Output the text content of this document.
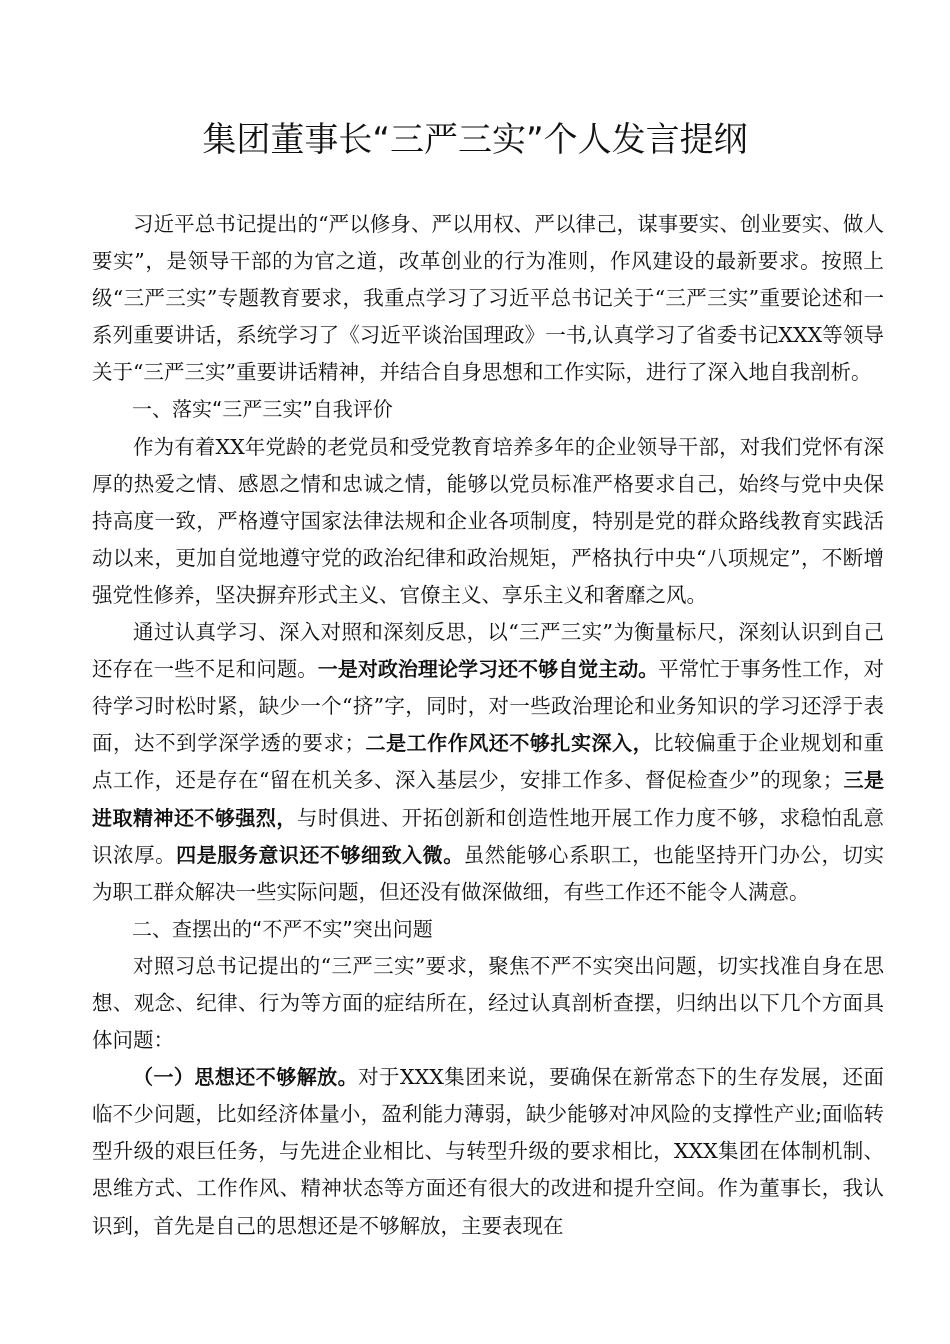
集团董事长“三严三实”个人发言提纲

习近平总书记提出的“严以修身、严以用权、严以律己，谋事要实、创业要实、做人要实”，是领导干部的为官之道，改革创业的行为准则，作风建设的最新要求。按照上级“三严三实”专题教育要求，我重点学习了习近平总书记关于“三严三实”重要论述和一系列重要讲话，系统学习了《习近平谈治国理政》一书,认真学习了省委书记XXX等领导关于“三严三实”重要讲话精神，并结合自身思想和工作实际，进行了深入地自我剖析。

一、落实“三严三实”自我评价

作为有着XX年党龄的老党员和受党教育培养多年的企业领导干部，对我们党怀有深厚的热爱之情、感恩之情和忠诚之情，能够以党员标准严格要求自己，始终与党中央保持高度一致，严格遵守国家法律法规和企业各项制度，特别是党的群众路线教育实践活动以来，更加自觉地遵守党的政治纪律和政治规矩，严格执行中央“八项规定”，不断增强党性修养，坚决摒弃形式主义、官僚主义、享乐主义和奢靡之风。

通过认真学习、深入对照和深刻反思，以“三严三实”为衡量标尺，深刻认识到自己还存在一些不足和问题。一是对政治理论学习还不够自觉主动。平常忙于事务性工作，对待学习时松时紧，缺少一个“挤”字，同时，对一些政治理论和业务知识的学习还浮于表面，达不到学深学透的要求；二是工作作风还不够扎实深入，比较偏重于企业规划和重点工作，还是存在“留在机关多、深入基层少，安排工作多、督促检查少”的现象；三是进取精神还不够强烈，与时俱进、开拓创新和创造性地开展工作力度不够，求稳怕乱意识浓厚。四是服务意识还不够细致入微。虽然能够心系职工，也能坚持开门办公，切实为职工群众解决一些实际问题，但还没有做深做细，有些工作还不能令人满意。

二、查摆出的“不严不实”突出问题

对照习总书记提出的“三严三实”要求，聚焦不严不实突出问题，切实找准自身在思想、观念、纪律、行为等方面的症结所在，经过认真剖析查摆，归纳出以下几个方面具体问题：

（一）思想还不够解放。对于XXX集团来说，要确保在新常态下的生存发展，还面临不少问题，比如经济体量小，盈利能力薄弱，缺少能够对冲风险的支撑性产业;面临转型升级的艰巨任务，与先进企业相比、与转型升级的要求相比，XXX集团在体制机制、思维方式、工作作风、精神状态等方面还有很大的改进和提升空间。作为董事长，我认识到，首先是自己的思想还是不够解放，主要表现在
